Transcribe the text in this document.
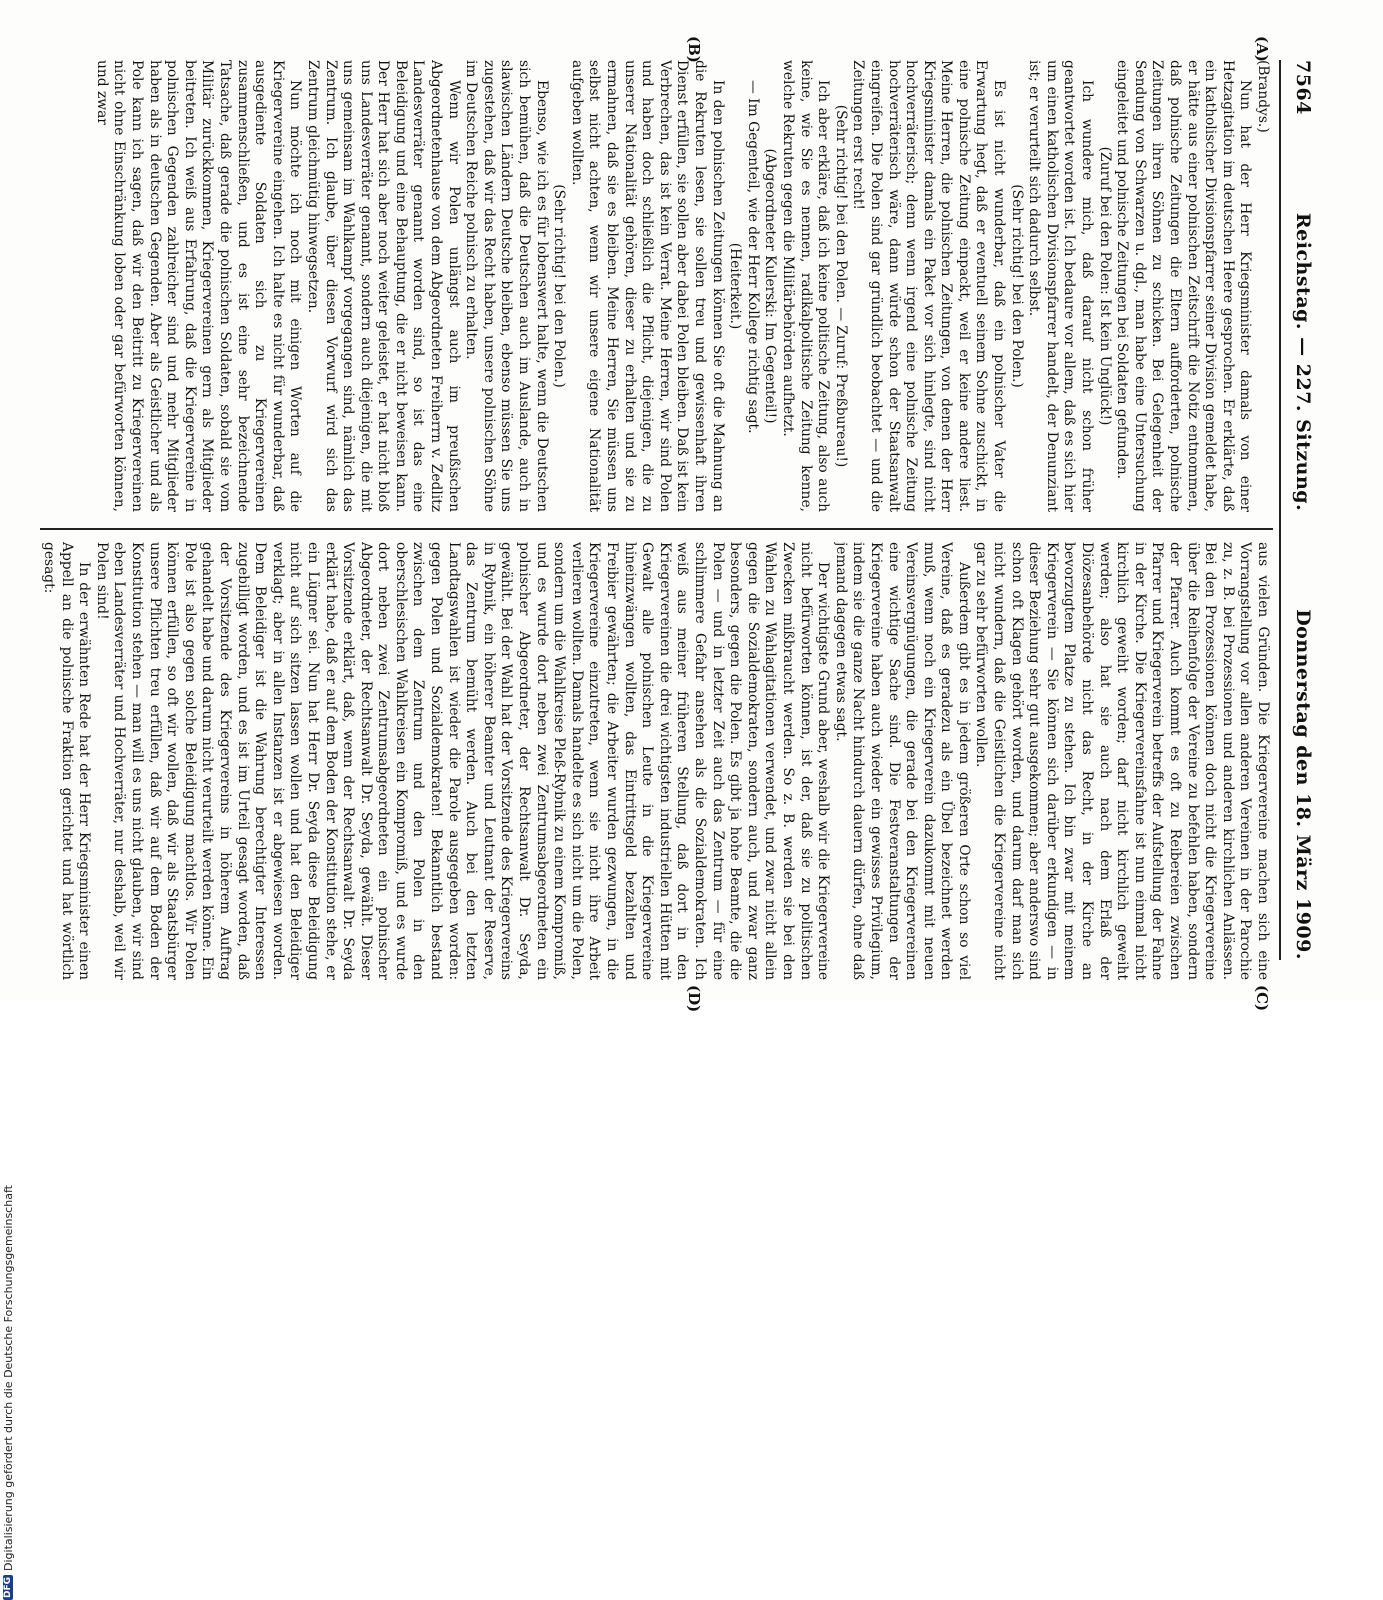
7564
Reichstag. — 227. Sitzung.
Donnerstag den 18. März 1909.
(A)
(B)
(C)
(D)

(Brandys.)

Nun hat der Herr Kriegsminister damals von einer Hetzagitation im deutschen Heere gesprochen. Er erklärte, daß ein katholischer Divisionspfarrer seiner Division gemeldet habe, er hätte aus einer polnischen Zeitschrift die Notiz entnommen, daß polnische Zeitungen die Eltern aufforderten, polnische Zeitungen ihren Söhnen zu schicken. Bei Gelegenheit der Sendung von Schwarzen u. dgl., man habe eine Untersuchung eingeleitet und polnische Zeitungen bei Soldaten gefunden.

(Zuruf bei den Polen: Ist kein Unglück!)

Ich wundere mich, daß darauf nicht schon früher geantwortet worden ist. Ich bedaure vor allem, daß es sich hier um einen katholischen Divisionspfarrer handelt, der Denunziant ist; er verurteilt sich dadurch selbst.

(Sehr richtig! bei den Polen.)

Es ist nicht wunderbar, daß ein polnischer Vater die Erwartung hegt, daß er eventuell seinem Sohne zuschickt, in eine polnische Zeitung einpackt, weil er keine andere liest. Meine Herren, die polnischen Zeitungen, von denen der Herr Kriegsminister damals ein Paket vor sich hinlegte, sind nicht hochverräterisch; denn wenn irgend eine polnische Zeitung hochverräterisch wäre, dann würde schon der Staatsanwalt eingreifen. Die Polen sind gar gründlich beobachtet — und die Zeitungen erst recht!

(Sehr richtig! bei den Polen. — Zuruf: Preßbureau!)

Ich aber erkläre, daß ich keine politische Zeitung, also auch keine, wie Sie es nennen, radikalpolitische Zeitung kenne, welche Rekruten gegen die Militärbehörden aufhetzt.

(Abgeordneter Kulerski: Im Gegenteil!)

— Im Gegenteil, wie der Herr Kollege richtig sagt.

(Heiterkeit.)

In den polnischen Zeitungen können Sie oft die Mahnung an die Rekruten lesen, sie sollen treu und gewissenhaft ihren Dienst erfüllen, sie sollen aber dabei Polen bleiben. Daß ist kein Verbrechen, das ist kein Verrat. Meine Herren, wir sind Polen und haben doch schließlich die Pflicht, diejenigen, die zu unserer Nationalität gehören, dieser zu erhalten und sie zu ermahnen, daß sie es bleiben. Meine Herren, Sie müssen uns selbst nicht achten, wenn wir unsere eigene Nationalität aufgeben wollten.

(Sehr richtig! bei den Polen.)

Ebenso, wie ich es für lobenswert halte, wenn die Deutschen sich bemühen, daß die Deutschen auch im Auslande, auch in slawischen Ländern Deutsche bleiben, ebenso müssen Sie uns zugestehen, daß wir das Recht haben, unsere polnischen Söhne im Deutschen Reiche polnisch zu erhalten.

Wenn wir Polen unlängst auch im preußischen Abgeordnetenhause von dem Abgeordneten Freiherrn v. Zedlitz Landesverräter genannt worden sind, so ist das eine Beleidigung und eine Behauptung, die er nicht beweisen kann. Der Herr hat sich aber noch weiter geleistet, er hat nicht bloß uns Landesverräter genannt, sondern auch diejenigen, die mit uns gemeinsam im Wahlkampf vorgegangen sind, nämlich das Zentrum. Ich glaube, über diesen Vorwurf wird sich das Zentrum gleichmütig hinwegsetzen.

Nun möchte ich noch mit einigen Worten auf die Kriegervereine eingehen. Ich halte es nicht für wunderbar, daß ausgediente Soldaten sich zu Kriegervereinen zusammenschließen, und es ist eine sehr bezeichnende Tatsache, daß gerade die polnischen Soldaten, sobald sie vom Militär zurückkommen, Kriegervereinen gern als Mitglieder beitreten. Ich weiß aus Erfahrung, daß die Kriegervereine in polnischen Gegenden zahlreicher sind und mehr Mitglieder haben als in deutschen Gegenden. Aber als Geistlicher und als Pole kann ich sagen, daß wir den Beitritt zu Kriegervereinen nicht ohne Einschränkung loben oder gar befürworten können, und zwar

aus vielen Gründen. Die Kriegervereine machen sich eine Vorrangstellung vor allen anderen Vereinen in der Parochie zu, z. B. bei Prozessionen und anderen kirchlichen Anlässen. Bei den Prozessionen können doch nicht die Kriegervereine über die Reihenfolge der Vereine zu befehlen haben, sondern der Pfarrer. Auch kommt es oft zu Reibereien zwischen Pfarrer und Kriegerverein betreffs der Aufstellung der Fahne in der Kirche. Die Kriegervereinsfahne ist nun einmal nicht kirchlich geweiht worden; darf nicht kirchlich geweiht werden; also hat sie auch nach dem Erlaß der Diözesanbehörde nicht das Recht, in der Kirche an bevorzugtem Platze zu stehen. Ich bin zwar mit meinem Kriegerverein — Sie können sich darüber erkundigen — in dieser Beziehung sehr gut ausgekommen; aber anderswo sind schon oft Klagen gehört worden, und darum darf man sich nicht wundern, daß die Geistlichen die Kriegervereine nicht gar zu sehr befürworten wollen.

Außerdem gibt es in jedem größeren Orte schon so viel Vereine, daß es geradezu als ein Übel bezeichnet werden muß, wenn noch ein Kriegerverein dazukommt mit neuen Vereinsvergnügungen, die gerade bei den Kriegervereinen eine wichtige Sache sind. Die Festveranstaltungen der Kriegervereine haben auch wieder ein gewisses Privilegium, indem sie die ganze Nacht hindurch dauern dürfen, ohne daß jemand dagegen etwas sagt.

Der wichtigste Grund aber, weshalb wir die Kriegervereine nicht befürworten können, ist der, daß sie zu politischen Zwecken mißbraucht werden. So z. B. werden sie bei den Wahlen zu Wahlagitationen verwendet, und zwar nicht allein gegen die Sozialdemokraten, sondern auch, und zwar ganz besonders, gegen die Polen. Es gibt ja hohe Beamte, die die Polen — und in letzter Zeit auch das Zentrum — für eine schlimmere Gefahr ansehen als die Sozialdemokraten. Ich weiß aus meiner früheren Stellung, daß dort in den Kriegervereinen die drei wichtigsten industriellen Hütten mit Gewalt alle polnischen Leute in die Kriegervereine hineinzwängen wollten, das Eintrittsgeld bezahlten und Freibier gewährten; die Arbeiter wurden gezwungen, in die Kriegervereine einzutreten, wenn sie nicht ihre Arbeit verlieren wollten. Damals handelte es sich nicht um die Polen, sondern um die Wahlkreise Pleß-Rybnik zu einem Kompromiß, und es wurde dort neben zwei Zentrumsabgeordneten ein polnischer Abgeordneter, der Rechtsanwalt Dr. Seyda, gewählt. Bei der Wahl hat der Vorsitzende des Kriegervereins in Rybnik, ein höherer Beamter und Leutnant der Reserve, das Zentrum bemüht werden. Auch bei den letzten Landtagswahlen ist wieder die Parole ausgegeben worden: gegen Polen und Sozialdemokraten! Bekanntlich bestand zwischen dem Zentrum und den Polen in den oberschlesischen Wahlkreisen ein Kompromiß, und es wurde dort neben zwei Zentrumsabgeordneten ein polnischer Abgeordneter, der Rechtsanwalt Dr. Seyda, gewählt. Dieser Vorsitzende erklärt, daß, wenn der Rechtsanwalt Dr. Seyda erklärt habe, daß er auf dem Boden der Konstitution stehe, er ein Lügner sei. Nun hat Herr Dr. Seyda diese Beleidigung nicht auf sich sitzen lassen wollen und hat den Beleidiger verklagt; aber in allen Instanzen ist er abgewiesen worden. Dem Beleidiger ist die Wahrung berechtigter Interessen zugebilligt worden, und es ist im Urteil gesagt worden, daß der Vorsitzende des Kriegervereins in höherem Auftrag gehandelt habe und darum nicht verurteilt werden könne. Ein Pole ist also gegen solche Beleidigung machtlos. Wir Polen können erfüllen, so oft wir wollen, daß wir als Staatsbürger unsere Pflichten treu erfüllen, daß wir auf dem Boden der Konstitution stehen — man will es uns nicht glauben, wir sind eben Landesverräter und Hochverräter, nur deshalb, weil wir Polen sind!

In der erwähnten Rede hat der Herr Kriegsminister einen Appell an die polnische Fraktion gerichtet und hat wörtlich gesagt:

DFG
Digitalisierung gefördert durch die Deutsche Forschungsgemeinschaft
